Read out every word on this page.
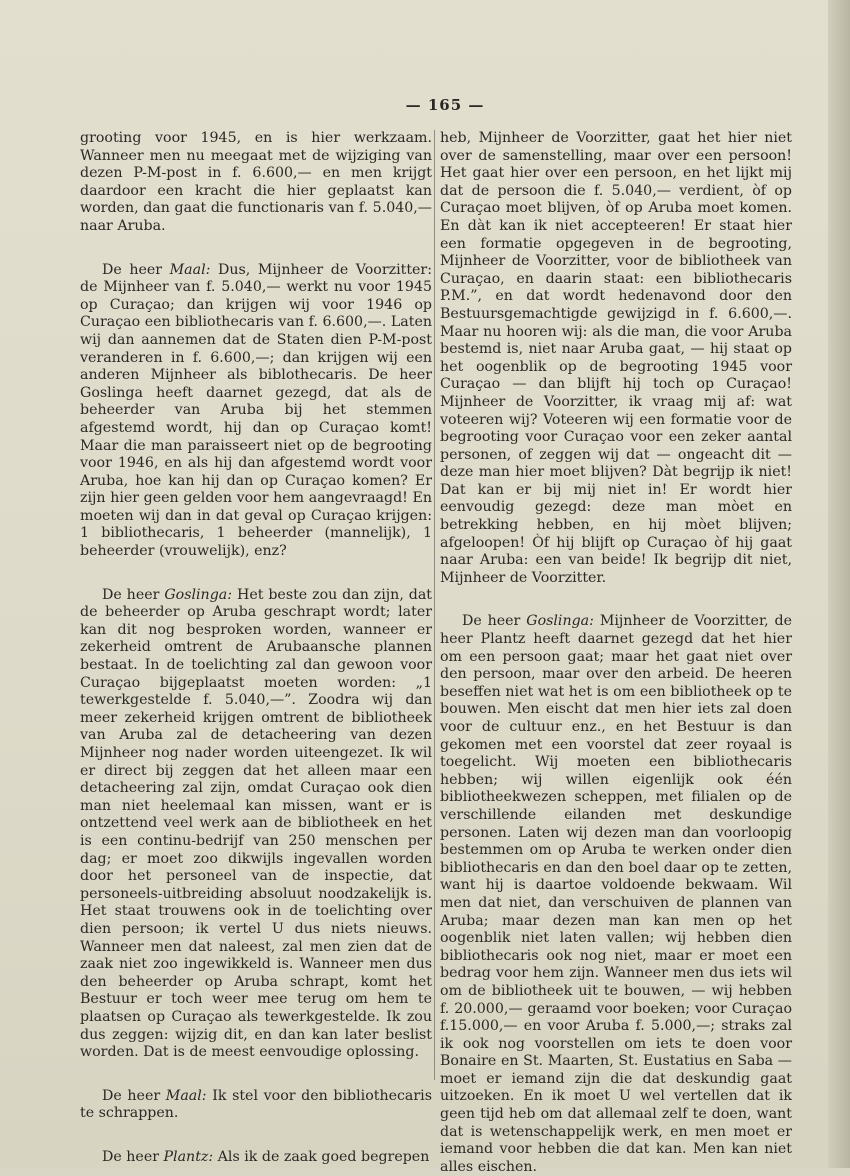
— 165 —

grooting voor 1945, en is hier werkzaam. Wanneer men nu meegaat met de wijziging van dezen P-M-post in f. 6.600,— en men krijgt daardoor een kracht die hier geplaatst kan worden, dan gaat die functionaris van f. 5.040,— naar Aruba.

De heer Maal: Dus, Mijnheer de Voorzitter: de Mijnheer van f. 5.040,— werkt nu voor 1945 op Curaçao; dan krijgen wij voor 1946 op Curaçao een bibliothecaris van f. 6.600,—. Laten wij dan aannemen dat de Staten dien P-M-post veranderen in f. 6.600,—; dan krijgen wij een anderen Mijnheer als biblothecaris. De heer Goslinga heeft daarnet gezegd, dat als de beheerder van Aruba bij het stemmen afgestemd wordt, hij dan op Curaçao komt! Maar die man paraisseert niet op de begrooting voor 1946, en als hij dan afgestemd wordt voor Aruba, hoe kan hij dan op Curaçao komen? Er zijn hier geen gelden voor hem aangevraagd! En moeten wij dan in dat geval op Curaçao krijgen: 1 bibliothecaris, 1 beheerder (mannelijk), 1 beheerder (vrouwelijk), enz?

De heer Goslinga: Het beste zou dan zijn, dat de beheerder op Aruba geschrapt wordt; later kan dit nog besproken worden, wanneer er zekerheid omtrent de Arubaansche plannen bestaat. In de toelichting zal dan gewoon voor Curaçao bijgeplaatst moeten worden: „1 tewerkgestelde f. 5.040,—”. Zoodra wij dan meer zekerheid krijgen omtrent de bibliotheek van Aruba zal de detacheering van dezen Mijnheer nog nader worden uiteengezet. Ik wil er direct bij zeggen dat het alleen maar een detacheering zal zijn, omdat Curaçao ook dien man niet heelemaal kan missen, want er is ontzettend veel werk aan de bibliotheek en het is een continu-bedrijf van 250 menschen per dag; er moet zoo dikwijls ingevallen worden door het personeel van de inspectie, dat personeels-uitbreiding absoluut noodzakelijk is. Het staat trouwens ook in de toelichting over dien persoon; ik vertel U dus niets nieuws. Wanneer men dat naleest, zal men zien dat de zaak niet zoo ingewikkeld is. Wanneer men dus den beheerder op Aruba schrapt, komt het Bestuur er toch weer mee terug om hem te plaatsen op Curaçao als tewerkgestelde. Ik zou dus zeggen: wijzig dit, en dan kan later beslist worden. Dat is de meest eenvoudige oplossing.

De heer Maal: Ik stel voor den bibliothecaris te schrappen.

De heer Plantz: Als ik de zaak goed begrepen

heb, Mijnheer de Voorzitter, gaat het hier niet over de samenstelling, maar over een persoon! Het gaat hier over een persoon, en het lijkt mij dat de persoon die f. 5.040,— verdient, òf op Curaçao moet blijven, òf op Aruba moet komen. En dàt kan ik niet accepteeren! Er staat hier een formatie opgegeven in de begrooting, Mijnheer de Voorzitter, voor de bibliotheek van Curaçao, en daarin staat: een bibliothecaris P.M.”, en dat wordt hedenavond door den Bestuursgemachtigde gewijzigd in f. 6.600,—. Maar nu hooren wij: als die man, die voor Aruba bestemd is, niet naar Aruba gaat, — hij staat op het oogenblik op de begrooting 1945 voor Curaçao — dan blijft hij toch op Curaçao! Mijnheer de Voorzitter, ik vraag mij af: wat voteeren wij? Voteeren wij een formatie voor de begrooting voor Curaçao voor een zeker aantal personen, of zeggen wij dat — ongeacht dit — deze man hier moet blijven? Dàt begrijp ik niet! Dat kan er bij mij niet in! Er wordt hier eenvoudig gezegd: deze man mòet en betrekking hebben, en hij mòet blijven; afgeloopen! Òf hij blijft op Curaçao òf hij gaat naar Aruba: een van beide! Ik begrijp dit niet, Mijnheer de Voorzitter.

De heer Goslinga: Mijnheer de Voorzitter, de heer Plantz heeft daarnet gezegd dat het hier om een persoon gaat; maar het gaat niet over den persoon, maar over den arbeid. De heeren beseffen niet wat het is om een bibliotheek op te bouwen. Men eischt dat men hier iets zal doen voor de cultuur enz., en het Bestuur is dan gekomen met een voorstel dat zeer royaal is toegelicht. Wij moeten een bibliothecaris hebben; wij willen eigenlijk ook één bibliotheekwezen scheppen, met filialen op de verschillende eilanden met deskundige personen. Laten wij dezen man dan voorloopig bestemmen om op Aruba te werken onder dien bibliothecaris en dan den boel daar op te zetten, want hij is daartoe voldoende bekwaam. Wil men dat niet, dan verschuiven de plannen van Aruba; maar dezen man kan men op het oogenblik niet laten vallen; wij hebben dien bibliothecaris ook nog niet, maar er moet een bedrag voor hem zijn. Wanneer men dus iets wil om de bibliotheek uit te bouwen, — wij hebben f. 20.000,— geraamd voor boeken; voor Curaçao f.15.000,— en voor Aruba f. 5.000,—; straks zal ik ook nog voorstellen om iets te doen voor Bonaire en St. Maarten, St. Eustatius en Saba — moet er iemand zijn die dat deskundig gaat uitzoeken. En ik moet U wel vertellen dat ik geen tijd heb om dat allemaal zelf te doen, want dat is wetenschappelijk werk, en men moet er iemand voor hebben die dat kan. Men kan niet alles eischen.
